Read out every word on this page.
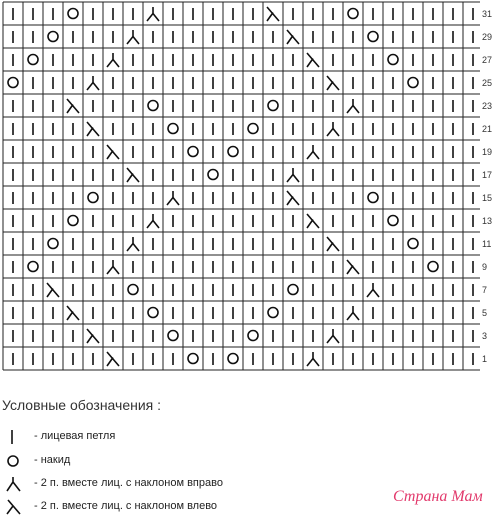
31
29
27
25
23
21
19
17
15
13
11
9
7
5
3
1
Условные обозначения :
- лицевая петля
- накид
- 2 п. вместе лиц. с наклоном вправо
- 2 п. вместе лиц. с наклоном влево
Страна Мам
